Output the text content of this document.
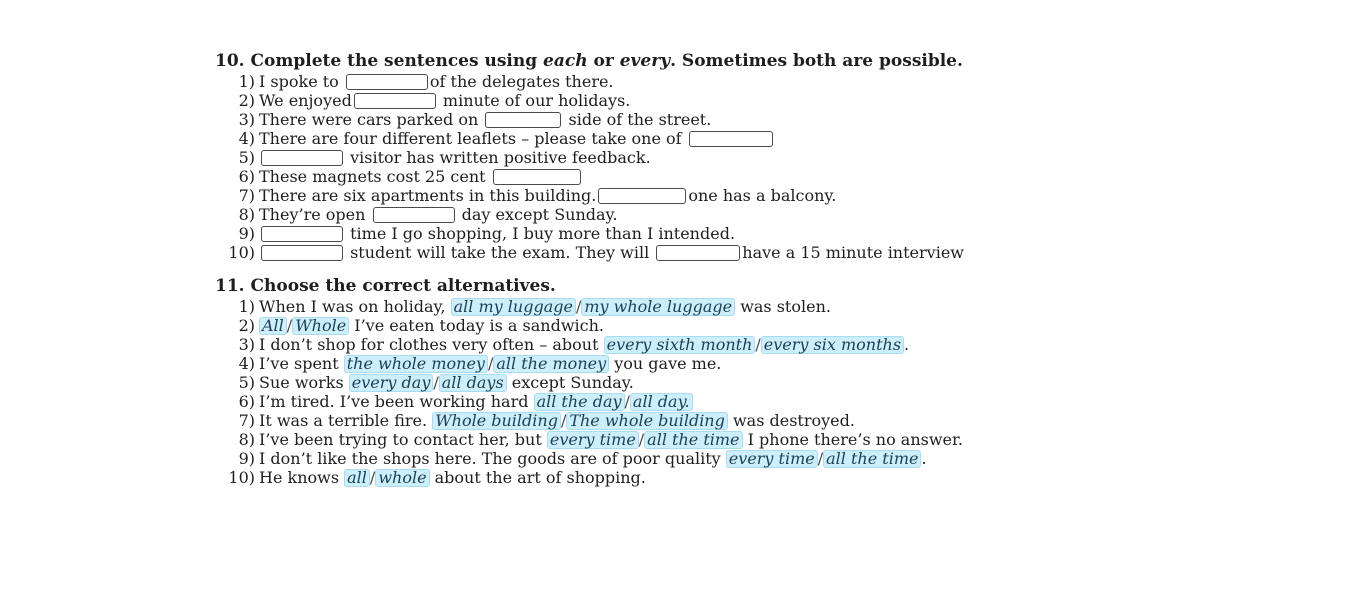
10. Complete the sentences using each or every. Sometimes both are possible.
1) I spoke to	of the delegates there.
2) We enjoyed	minute of our holidays.
3) There were cars parked on	side of the street.
4) There are four different leaflets – please take one of
5)	visitor has written positive feedback.
6) These magnets cost 25 cent
7) There are six apartments in this building.	one has a balcony.
8) They’re open	day except Sunday.
9)	time I go shopping, I buy more than I intended.
10)	student will take the exam. They will	have a 15 minute interview
11. Choose the correct alternatives.
1) When I was on holiday, all my luggage / my whole luggage was stolen.
2) All / Whole I’ve eaten today is a sandwich.
3) I don’t shop for clothes very often – about every sixth month / every six months .
4) I’ve spent the whole money / all the money you gave me.
5) Sue works every day / all days except Sunday.
6) I’m tired. I’ve been working hard all the day / all day.
7) It was a terrible fire. Whole building / The whole building was destroyed.
8) I’ve been trying to contact her, but every time / all the time I phone there’s no answer.
9) I don’t like the shops here. The goods are of poor quality every time / all the time .
10) He knows all / whole about the art of shopping.
